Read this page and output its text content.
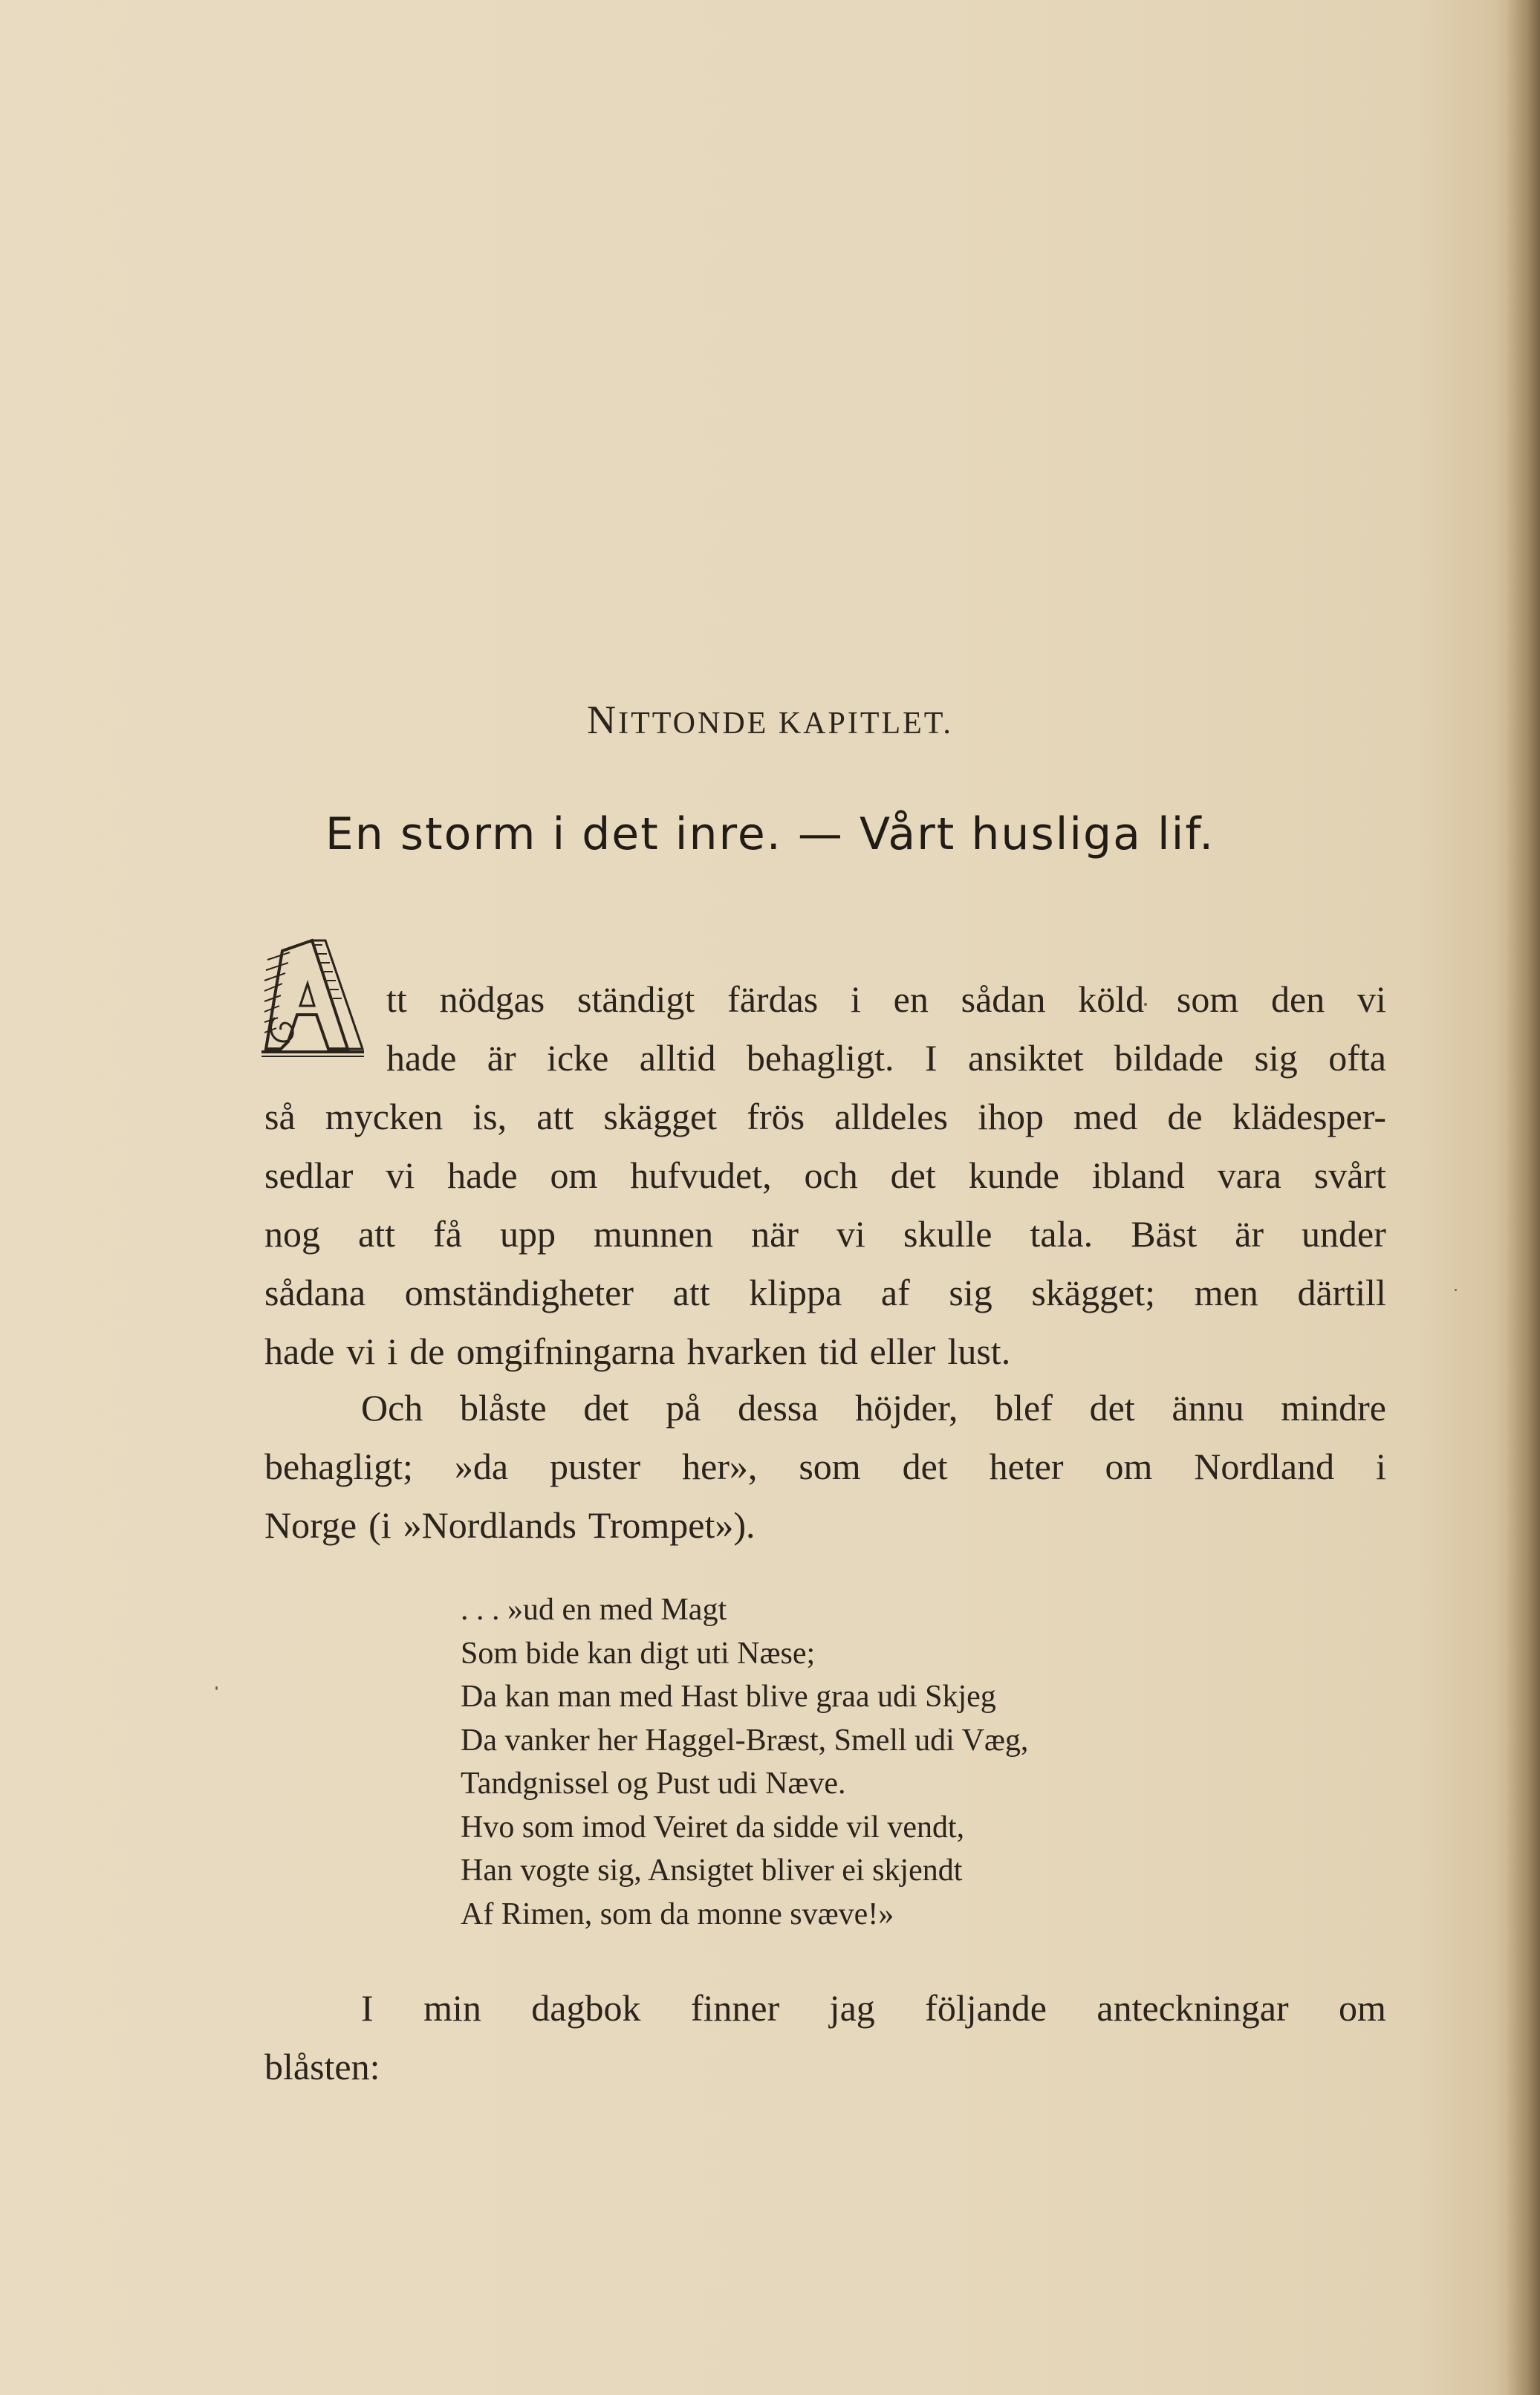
NITTONDE KAPITLET.
En storm i det inre. — Vårt husliga lif.
A
tt nödgas ständigt färdas i en sådan köld som den vi
hade är icke alltid behagligt. I ansiktet bildade sig ofta
så mycken is, att skägget frös alldeles ihop med de klädesper-
sedlar vi hade om hufvudet, och det kunde ibland vara svårt
nog att få upp munnen när vi skulle tala. Bäst är under
sådana omständigheter att klippa af sig skägget; men därtill
hade vi i de omgifningarna hvarken tid eller lust.
Och blåste det på dessa höjder, blef det ännu mindre
behagligt; »da puster her», som det heter om Nordland i
Norge (i »Nordlands Trompet»).
. . . »ud en med Magt
Som bide kan digt uti Næse;
Da kan man med Hast blive graa udi Skjeg
Da vanker her Haggel-Bræst, Smell udi Væg,
Tandgnissel og Pust udi Næve.
Hvo som imod Veiret da sidde vil vendt,
Han vogte sig, Ansigtet bliver ei skjendt
Af Rimen, som da monne svæve!»
I min dagbok finner jag följande anteckningar om
blåsten:
